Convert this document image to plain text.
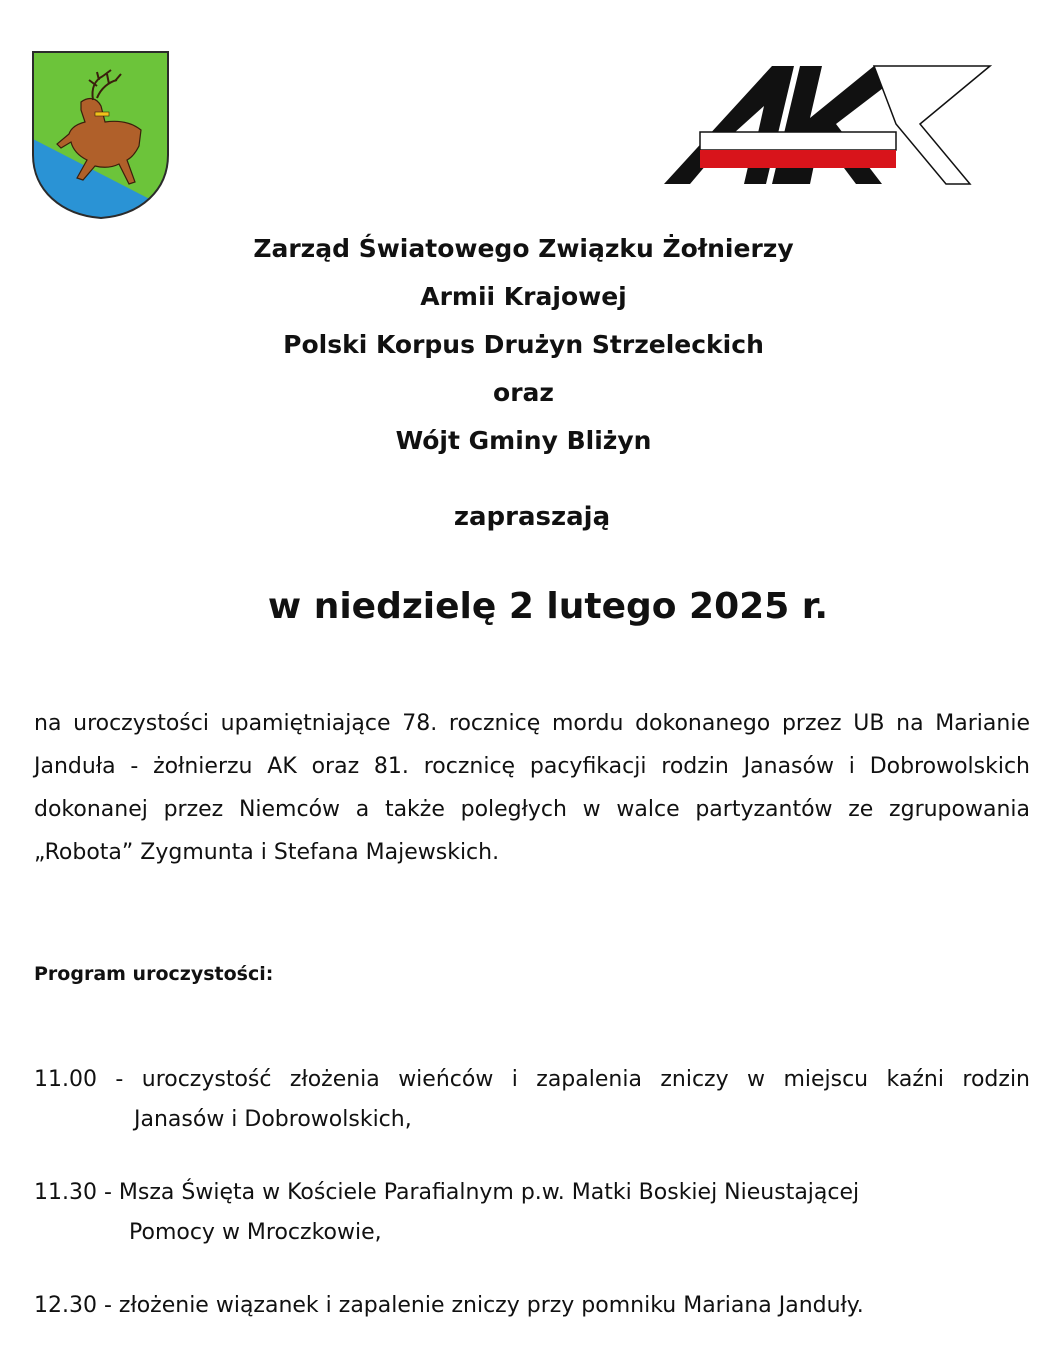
Zarząd Światowego Związku Żołnierzy
Armii Krajowej
Polski Korpus Drużyn Strzeleckich
oraz
Wójt Gminy Bliżyn
zapraszają
w niedzielę 2 lutego 2025 r.
na uroczystości upamiętniające 78. rocznicę mordu dokonanego przez UB na Marianie Janduła - żołnierzu AK oraz 81. rocznicę pacyfikacji rodzin Janasów i Dobrowolskich dokonanej przez Niemców a także poległych w walce partyzantów ze zgrupowania „Robota” Zygmunta i Stefana Majewskich.
Program uroczystości:
11.00 - uroczystość złożenia wieńców i zapalenia zniczy w miejscu kaźni rodzin
Janasów i Dobrowolskich,
11.30 - Msza Święta w Kościele Parafialnym p.w. Matki Boskiej Nieustającej
Pomocy w Mroczkowie,
12.30 - złożenie wiązanek i zapalenie zniczy przy pomniku Mariana Janduły.
